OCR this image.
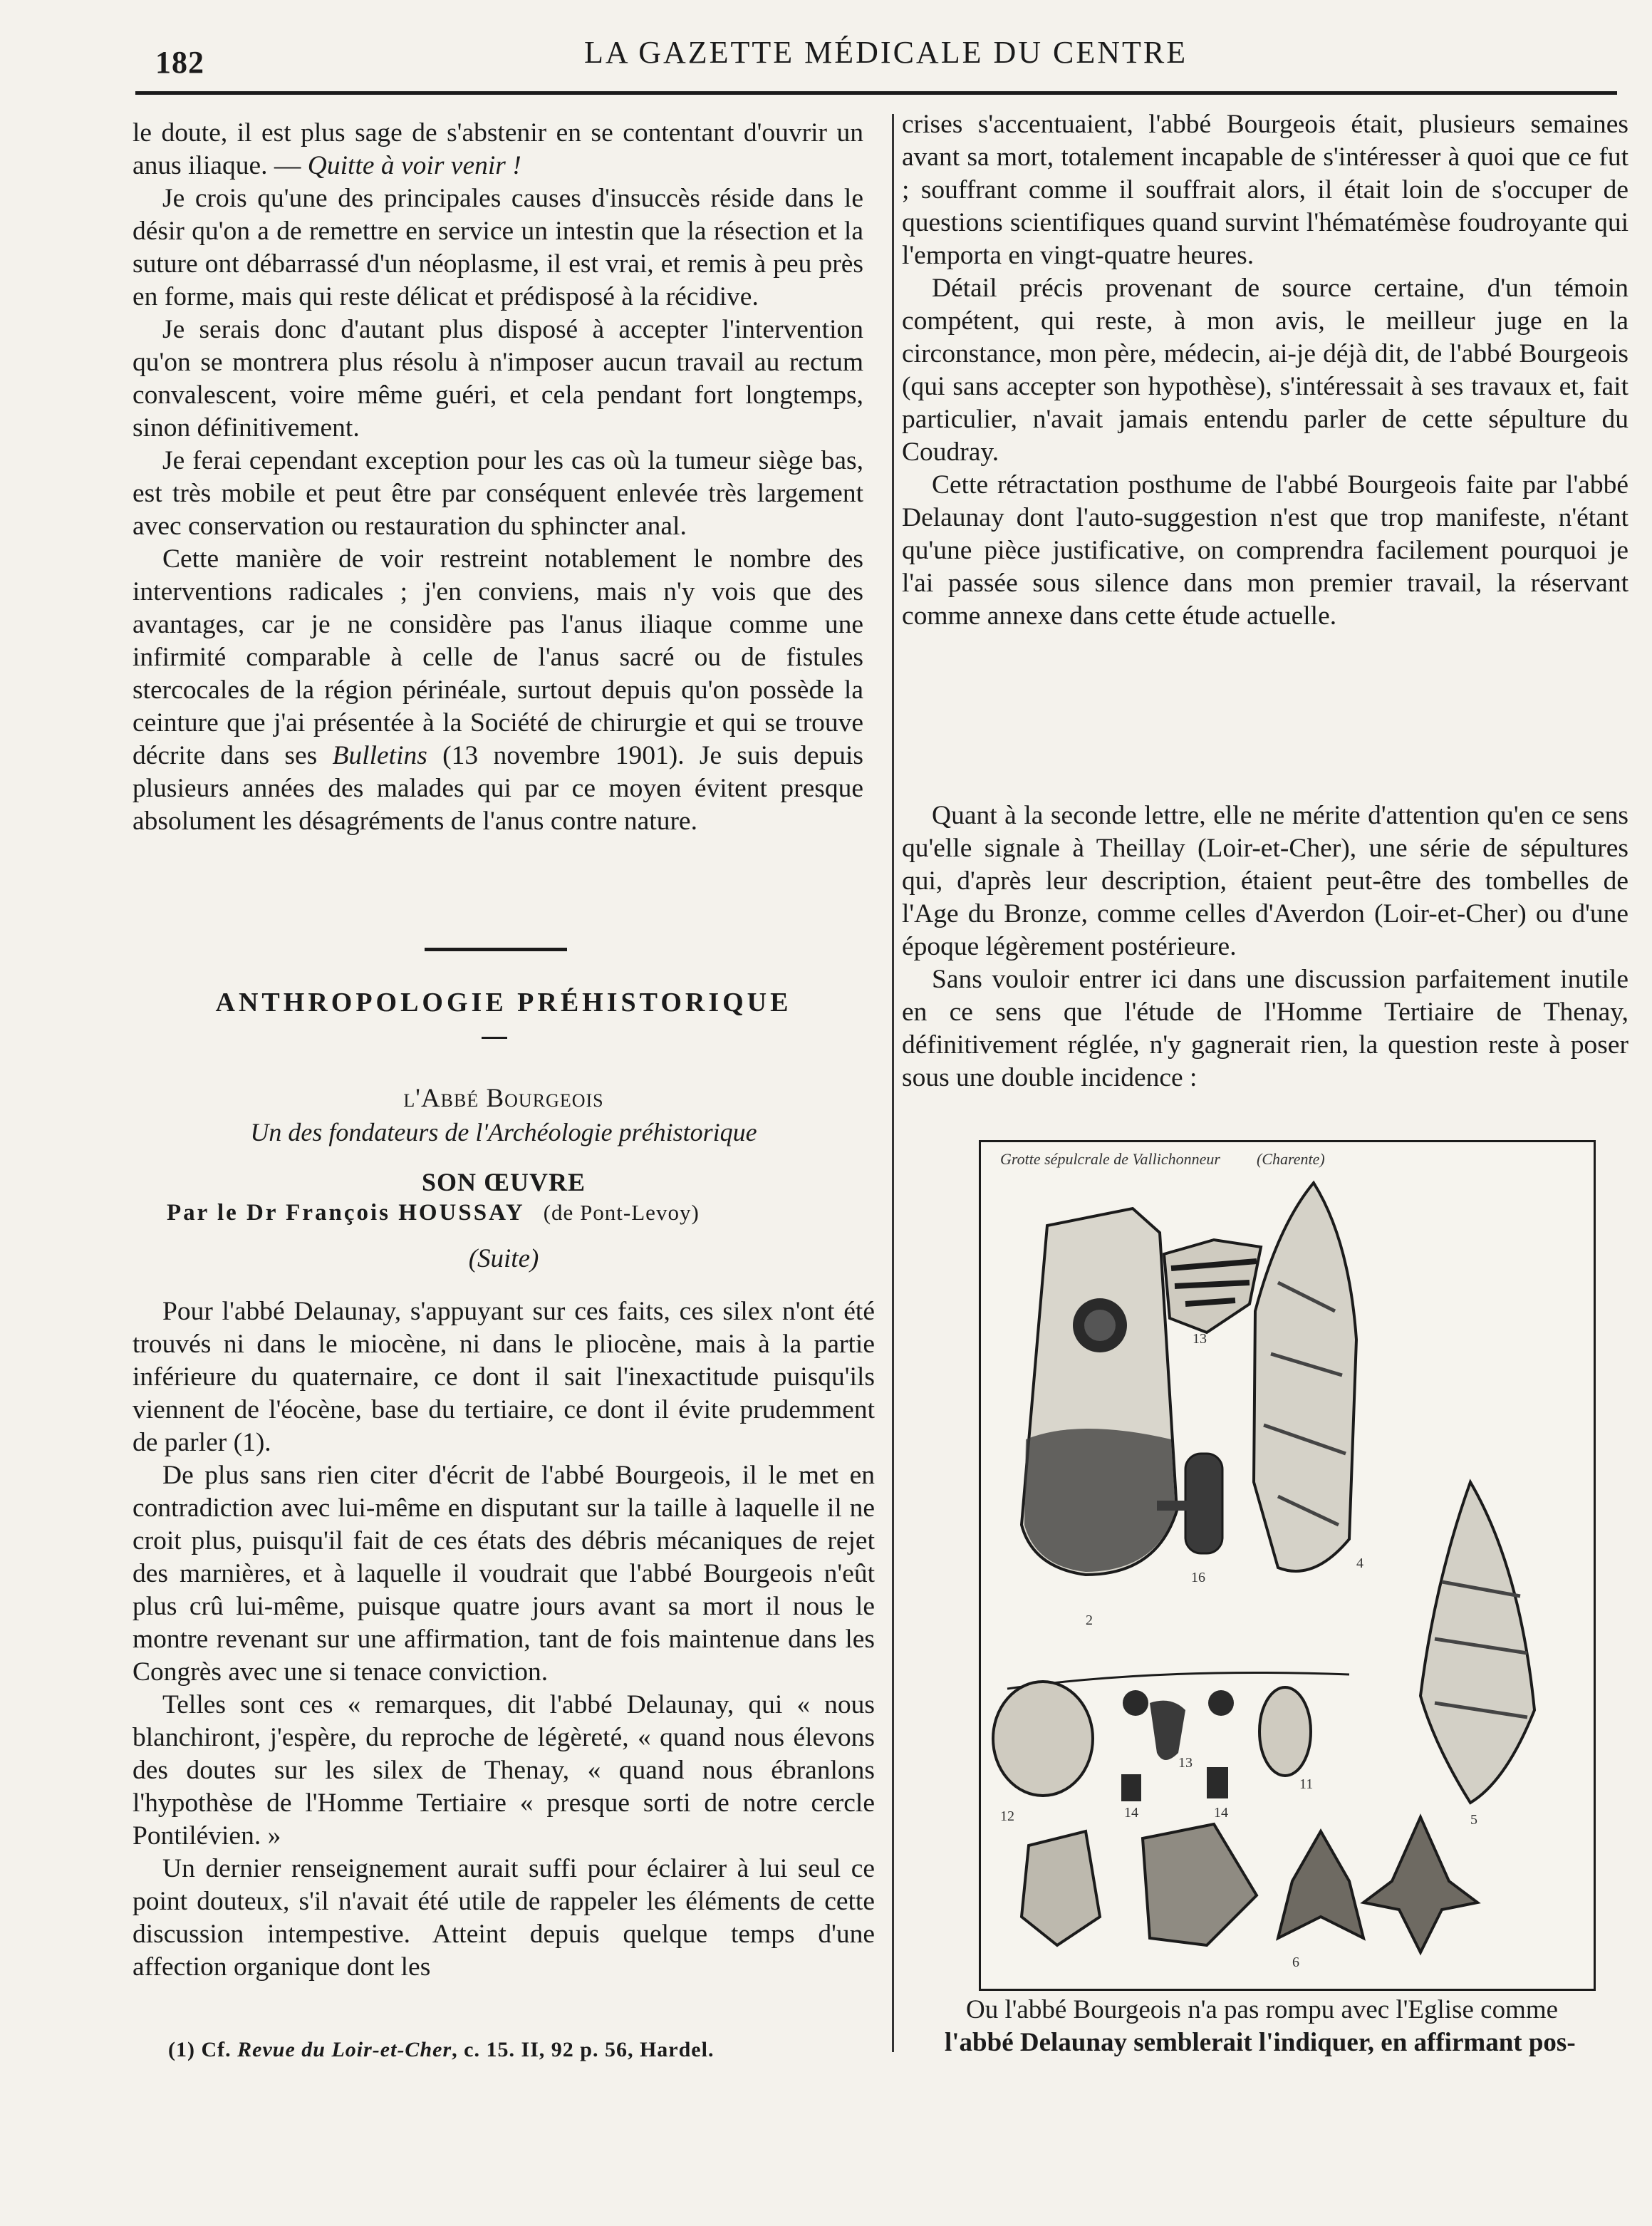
182	LA GAZETTE MÉDICALE DU CENTRE

le doute, il est plus sage de s'abstenir en se contentant d'ouvrir un anus iliaque. — Quitte à voir venir !

Je crois qu'une des principales causes d'insuccès réside dans le désir qu'on a de remettre en service un intestin que la résection et la suture ont débarrassé d'un néoplasme, il est vrai, et remis à peu près en forme, mais qui reste délicat et prédisposé à la récidive.

Je serais donc d'autant plus disposé à accepter l'intervention qu'on se montrera plus résolu à n'imposer aucun travail au rectum convalescent, voire même guéri, et cela pendant fort longtemps, sinon définitivement.

Je ferai cependant exception pour les cas où la tumeur siège bas, est très mobile et peut être par conséquent enlevée très largement avec conservation ou restauration du sphincter anal.

Cette manière de voir restreint notablement le nombre des interventions radicales ; j'en conviens, mais n'y vois que des avantages, car je ne considère pas l'anus iliaque comme une infirmité comparable à celle de l'anus sacré ou de fistules stercocales de la région périnéale, surtout depuis qu'on possède la ceinture que j'ai présentée à la Société de chirurgie et qui se trouve décrite dans ses Bulletins (13 novembre 1901). Je suis depuis plusieurs années des malades qui par ce moyen évitent presque absolument les désagréments de l'anus contre nature.

ANTHROPOLOGIE PRÉHISTORIQUE
l'Abbé Bourgeois
Un des fondateurs de l'Archéologie préhistorique
SON ŒUVRE
Par le Dr François HOUSSAY (de Pont-Levoy)
(Suite)

Pour l'abbé Delaunay, s'appuyant sur ces faits, ces silex n'ont été trouvés ni dans le miocène, ni dans le pliocène, mais à la partie inférieure du quaternaire, ce dont il sait l'inexactitude puisqu'ils viennent de l'éocène, base du tertiaire, ce dont il évite prudemment de parler (1).

De plus sans rien citer d'écrit de l'abbé Bourgeois, il le met en contradiction avec lui-même en disputant sur la taille à laquelle il ne croit plus, puisqu'il fait de ces états des débris mécaniques de rejet des marnières, et à laquelle il voudrait que l'abbé Bourgeois n'eût plus crû lui-même, puisque quatre jours avant sa mort il nous le montre revenant sur une affirmation, tant de fois maintenue dans les Congrès avec une si tenace conviction.

Telles sont ces « remarques, dit l'abbé Delaunay, qui « nous blanchiront, j'espère, du reproche de légèreté, « quand nous élevons des doutes sur les silex de Thenay, « quand nous ébranlons l'hypothèse de l'Homme Tertiaire « presque sorti de notre cercle Pontilévien. »

Un dernier renseignement aurait suffi pour éclairer à lui seul ce point douteux, s'il n'avait été utile de rappeler les éléments de cette discussion intempestive. Atteint depuis quelque temps d'une affection organique dont les

(1) Cf. Revue du Loir-et-Cher, c. 15. II, 92 p. 56, Hardel.

crises s'accentuaient, l'abbé Bourgeois était, plusieurs semaines avant sa mort, totalement incapable de s'intéresser à quoi que ce fut ; souffrant comme il souffrait alors, il était loin de s'occuper de questions scientifiques quand survint l'hématémèse foudroyante qui l'emporta en vingt-quatre heures.

Détail précis provenant de source certaine, d'un témoin compétent, qui reste, à mon avis, le meilleur juge en la circonstance, mon père, médecin, ai-je déjà dit, de l'abbé Bourgeois (qui sans accepter son hypothèse), s'intéressait à ses travaux et, fait particulier, n'avait jamais entendu parler de cette sépulture du Coudray.

Cette rétractation posthume de l'abbé Bourgeois faite par l'abbé Delaunay dont l'auto-suggestion n'est que trop manifeste, n'étant qu'une pièce justificative, on comprendra facilement pourquoi je l'ai passée sous silence dans mon premier travail, la réservant comme annexe dans cette étude actuelle.

Quant à la seconde lettre, elle ne mérite d'attention qu'en ce sens qu'elle signale à Theillay (Loir-et-Cher), une série de sépultures qui, d'après leur description, étaient peut-être des tombelles de l'Age du Bronze, comme celles d'Averdon (Loir-et-Cher) ou d'une époque légèrement postérieure.

Sans vouloir entrer ici dans une discussion parfaitement inutile en ce sens que l'étude de l'Homme Tertiaire de Thenay, définitivement réglée, n'y gagnerait rien, la question reste à poser sous une double incidence :

Grotte sépulcrale de Vallichonneur (Charente)
13
16
2
4
13
12	14	14
11
5
6

Ou l'abbé Bourgeois n'a pas rompu avec l'Eglise comme

l'abbé Delaunay semblerait l'indiquer, en affirmant pos-
